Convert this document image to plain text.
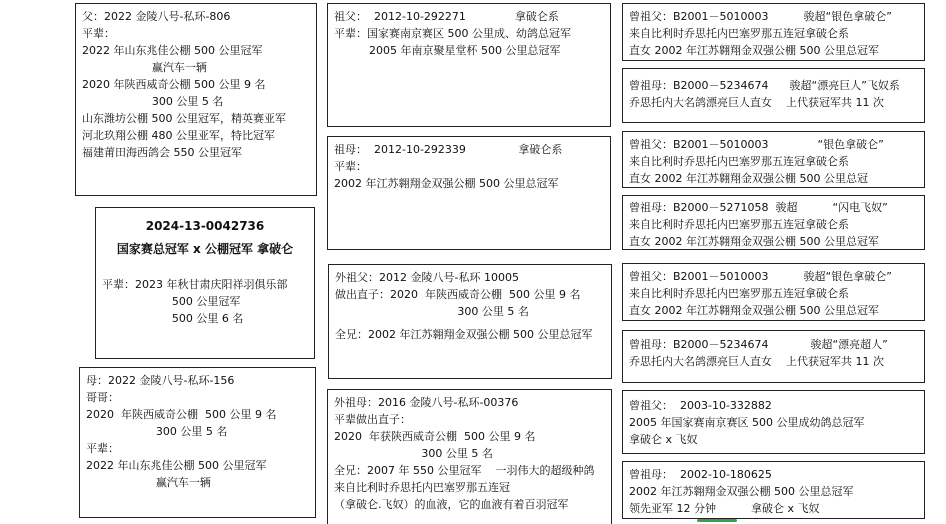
父：2022 金陵八号-私环-806
平辈：
2022 年山东兆佳公棚 500 公里冠军
赢汽车一辆
2020 年陕西威奇公棚 500 公里 9 名
300 公里 5 名
山东潍坊公棚 500 公里冠军，精英赛亚军
河北玖翔公棚 480 公里亚军，特比冠军
福建莆田海西鸽会 550 公里冠军
2024-13-0042736
国家赛总冠军 x 公棚冠军 拿破仑
平辈：2023 年秋甘肃庆阳祥羽俱乐部
500 公里冠军
500 公里 6 名
母：2022 金陵八号-私环-156
哥哥：
2020  年陕西威奇公棚  500 公里 9 名
300 公里 5 名
平辈：
2022 年山东兆佳公棚 500 公里冠军
赢汽车一辆
祖父：  2012-10-292271              拿破仑系
平辈：国家赛南京赛区 500 公里成、幼鸽总冠军
2005 年南京聚星堂杯 500 公里总冠军
祖母：  2012-10-292339               拿破仑系
平辈：
2002 年江苏翱翔金双强公棚 500 公里总冠军
外祖父：2012 金陵八号-私环 10005
做出直子：2020  年陕西威奇公棚  500 公里 9 名
300 公里 5 名
全兄：2002 年江苏翱翔金双强公棚 500 公里总冠军
外祖母：2016 金陵八号-私环-00376
平辈做出直子：
2020  年获陕西威奇公棚  500 公里 9 名
300 公里 5 名
全兄：2007 年 550 公里冠军    一羽伟大的超级种鸽
来自比利时乔思托内巴塞罗那五连冠
（拿破仑.飞奴）的血液，它的血液有着百羽冠军
曾祖父：B2001－5010003          骏超“银色拿破仑”
来自比利时乔思托内巴塞罗那五连冠拿破仑系
直女 2002 年江苏翱翔金双强公棚 500 公里总冠军
曾祖母：B2000－5234674      骏超“漂亮巨人”飞奴系
乔思托内大名鸽漂亮巨人直女    上代获冠军共 11 次
曾祖父：B2001－5010003              “银色拿破仑”
来自比利时乔思托内巴塞罗那五连冠拿破仑系
直女 2002 年江苏翱翔金双强公棚 500 公里总冠
曾祖母：B2000－5271058  骏超          “闪电飞奴”
来自比利时乔思托内巴塞罗那五连冠拿破仑系
直女 2002 年江苏翱翔金双强公棚 500 公里总冠军
曾祖父：B2001－5010003          骏超“银色拿破仑”
来自比利时乔思托内巴塞罗那五连冠拿破仑系
直女 2002 年江苏翱翔金双强公棚 500 公里总冠军
曾祖母：B2000－5234674            骏超“漂亮超人”
乔思托内大名鸽漂亮巨人直女    上代获冠军共 11 次
曾祖父：  2003-10-332882
2005 年国家赛南京赛区 500 公里成幼鸽总冠军
拿破仑 x 飞奴
曾祖母：  2002-10-180625
2002 年江苏翱翔金双强公棚 500 公里总冠军
领先亚军 12 分钟          拿破仑 x 飞奴
